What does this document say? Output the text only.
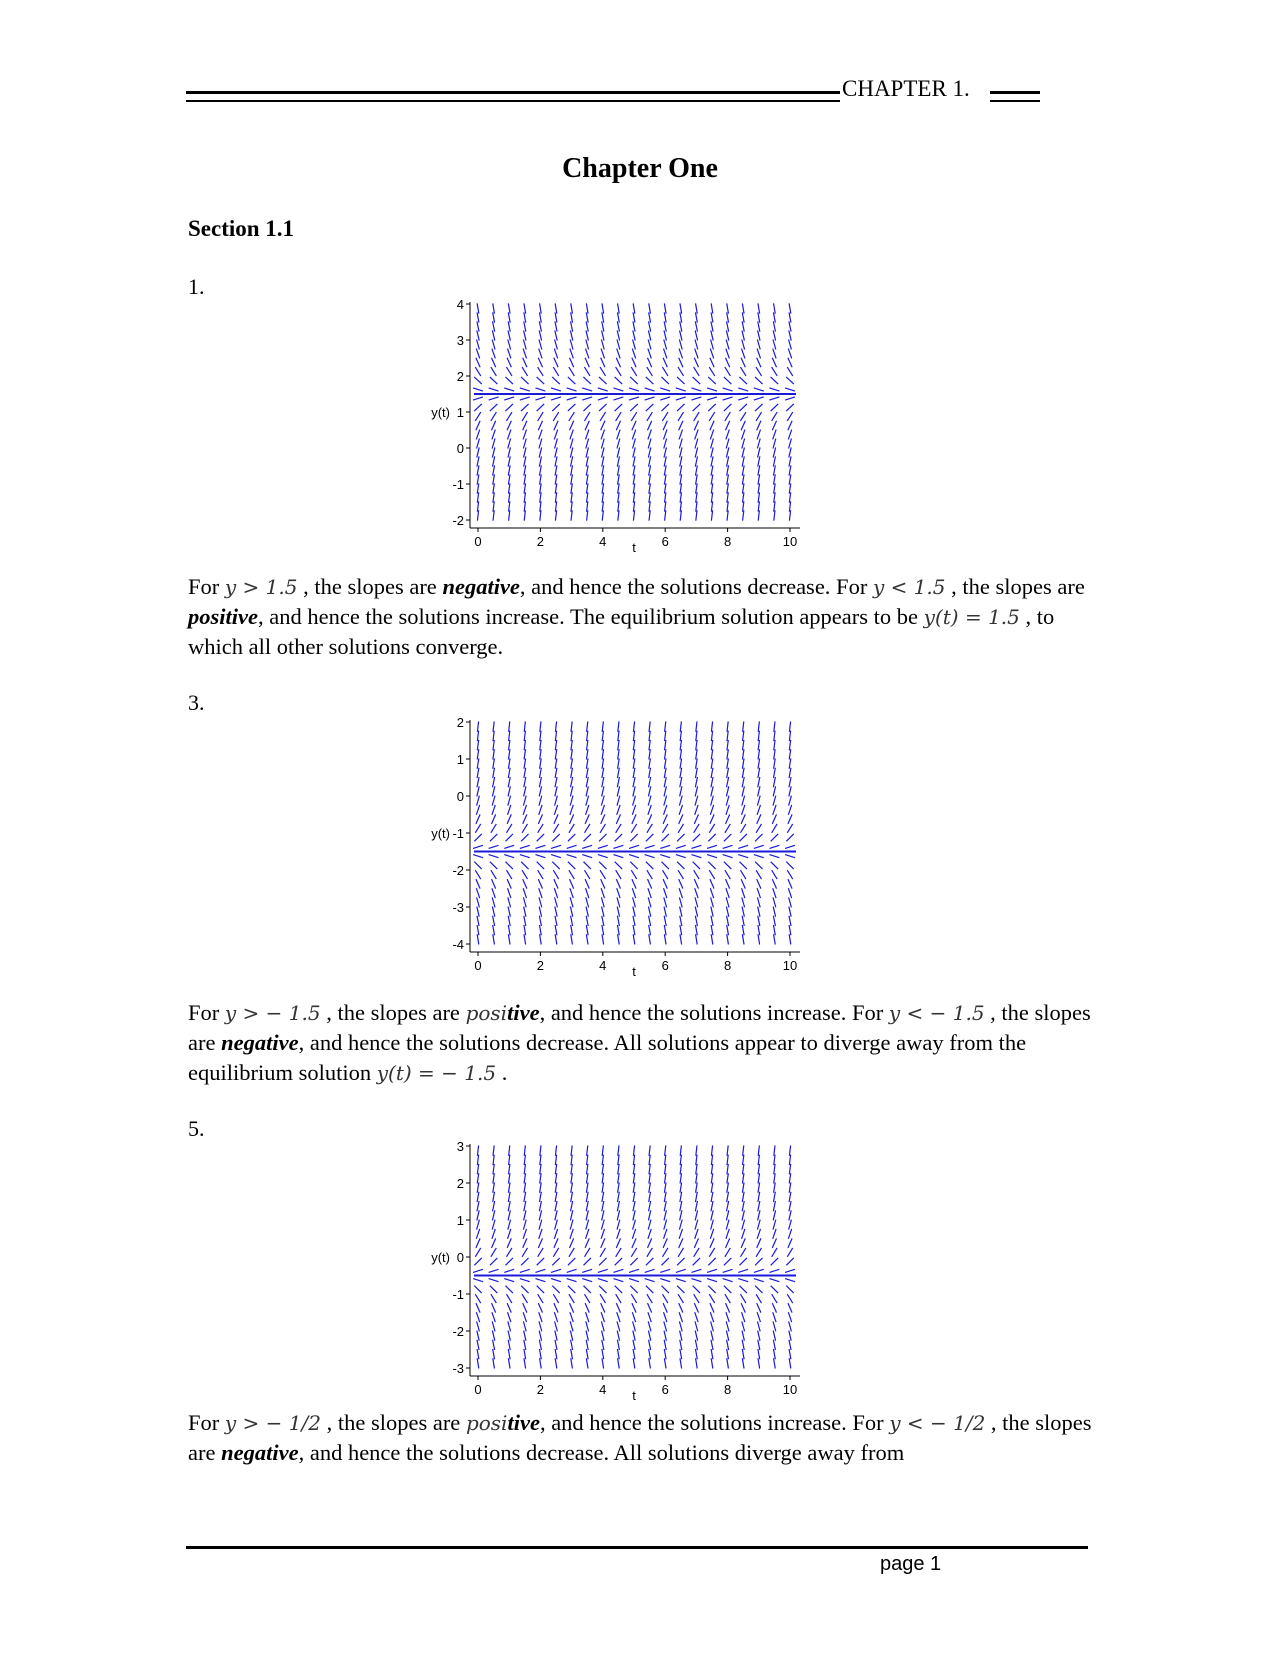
CHAPTER 1.
Chapter One
Section 1.1
1.
4
3
2
1
0
-1
-2
y(t)
0	2	4	6	8	10
t
For y > 1.5 , the slopes are negative, and hence the solutions decrease. For y < 1.5 , the slopes are positive, and hence the solutions increase. The equilibrium solution appears to be y(t) = 1.5 , to which all other solutions converge.
3.
2
1
0
-1
-2
-3
-4
y(t)
0	2	4	6	8	10
t
For y > − 1.5 , the slopes are positive, and hence the solutions increase. For y < − 1.5 , the slopes are negative, and hence the solutions decrease. All solutions appear to diverge away from the equilibrium solution y(t) = − 1.5 .
5.
3
2
1
0
-1
-2
-3
y(t)
0	2	4	6	8	10
t
For y > − 1/2 , the slopes are positive, and hence the solutions increase. For y < − 1/2 , the slopes are negative, and hence the solutions decrease. All solutions diverge away from
page 1
